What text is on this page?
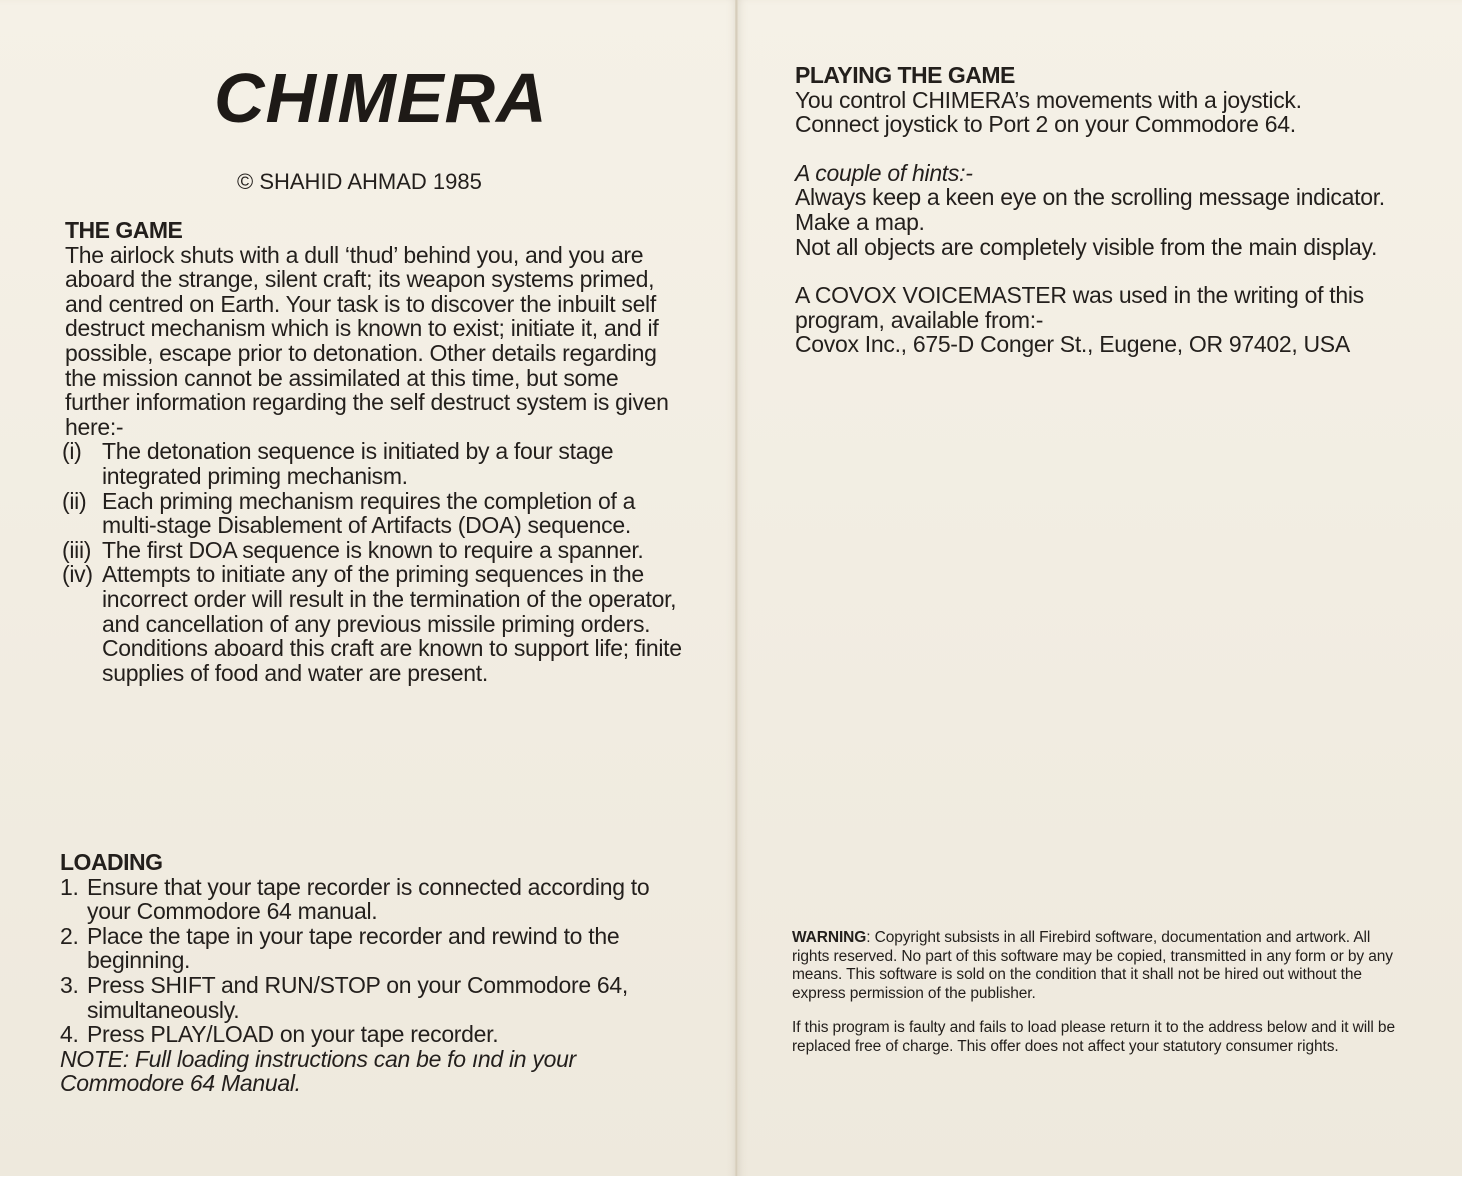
CHIMERA
© SHAHID AHMAD 1985
THE GAME

The airlock shuts with a dull ‘thud’ behind you, and you are aboard the strange, silent craft; its weapon systems primed, and centred on Earth. Your task is to discover the inbuilt self destruct mechanism which is known to exist; initiate it, and if possible, escape prior to detonation. Other details regarding the mission cannot be assimilated at this time, but some further information regarding the self destruct system is given here:-

(i) The detonation sequence is initiated by a four stage integrated priming mechanism.
(ii) Each priming mechanism requires the completion of a multi-stage Disablement of Artifacts (DOA) sequence.
(iii) The first DOA sequence is known to require a spanner.
(iv) Attempts to initiate any of the priming sequences in the incorrect order will result in the termination of the operator, and cancellation of any previous missile priming orders.
Conditions aboard this craft are known to support life; finite supplies of food and water are present.
LOADING
1. Ensure that your tape recorder is connected according to your Commodore 64 manual.
2. Place the tape in your tape recorder and rewind to the beginning.
3. Press SHIFT and RUN/STOP on your Commodore 64, simultaneously.
4. Press PLAY/LOAD on your tape recorder.

NOTE: Full loading instructions can be fo ınd in your Commodore 64 Manual.

PLAYING THE GAME

You control CHIMERA’s movements with a joystick.

Connect joystick to Port 2 on your Commodore 64.

A couple of hints:-

Always keep a keen eye on the scrolling message indicator.

Make a map.

Not all objects are completely visible from the main display.

A COVOX VOICEMASTER was used in the writing of this program, available from:-

Covox Inc., 675-D Conger St., Eugene, OR 97402, USA

WARNING: Copyright subsists in all Firebird software, documentation and artwork. All rights reserved. No part of this software may be copied, transmitted in any form or by any means. This software is sold on the condition that it shall not be hired out without the express permission of the publisher.

If this program is faulty and fails to load please return it to the address below and it will be replaced free of charge. This offer does not affect your statutory consumer rights.
